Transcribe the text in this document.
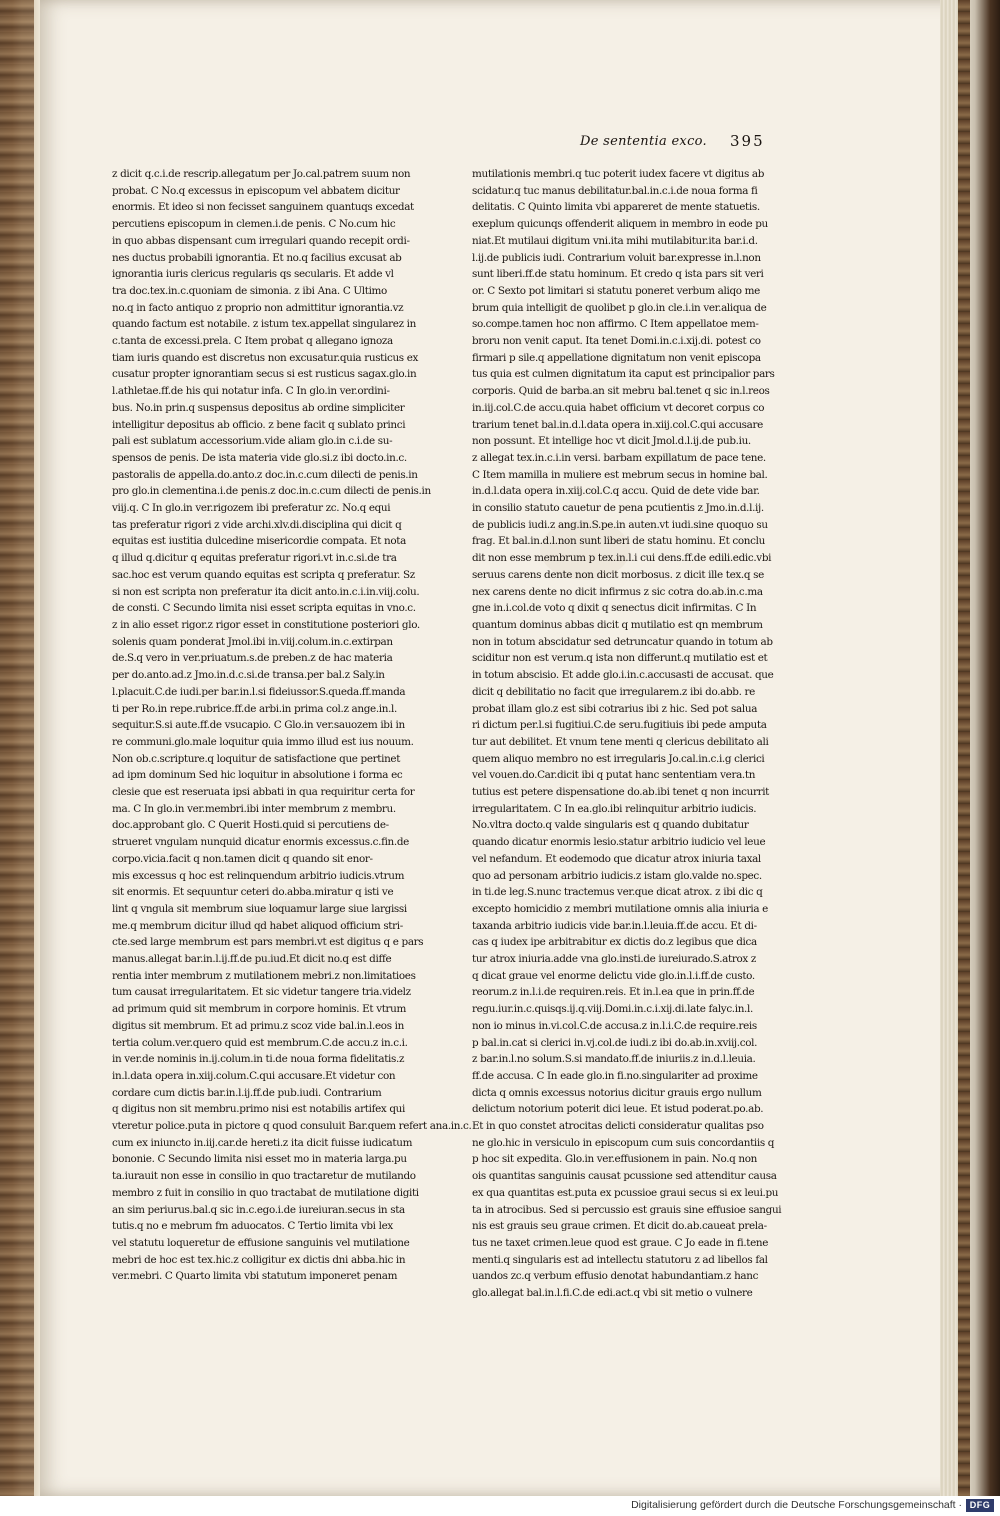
De sententia exco. 395
z dicit q.c.i.de rescrip.allegatum per Jo.cal.patrem suum non
probat. C No.q excessus in episcopum vel abbatem dicitur
enormis. Et ideo si non fecisset sanguinem quantuqs excedat
percutiens episcopum in clemen.i.de penis. C No.cum hic
in quo abbas dispensant cum irregulari quando recepit ordi-
nes ductus probabili ignorantia. Et no.q facilius excusat ab
ignorantia iuris clericus regularis qs secularis. Et adde vl
tra doc.tex.in.c.quoniam de simonia. z ibi Ana. C Ultimo
no.q in facto antiquo z proprio non admittitur ignorantia.vz
quando factum est notabile. z istum tex.appellat singularez in
c.tanta de excessi.prela. C Item probat q allegano ignoza
tiam iuris quando est discretus non excusatur.quia rusticus ex
cusatur propter ignorantiam secus si est rusticus sagax.glo.in
l.athletae.ff.de his qui notatur infa. C In glo.in ver.ordini-
bus. No.in prin.q suspensus depositus ab ordine simpliciter
intelligitur depositus ab officio. z bene facit q sublato princi
pali est sublatum accessorium.vide aliam glo.in c.i.de su-
spensos de penis. De ista materia vide glo.si.z ibi docto.in.c.
pastoralis de appella.do.anto.z doc.in.c.cum dilecti de penis.in
pro glo.in clementina.i.de penis.z doc.in.c.cum dilecti de penis.in
viij.q. C In glo.in ver.rigozem ibi preferatur zc. No.q equi
tas preferatur rigori z vide archi.xlv.di.disciplina qui dicit q
equitas est iustitia dulcedine misericordie compata. Et nota
q illud q.dicitur q equitas preferatur rigori.vt in.c.si.de tra
sac.hoc est verum quando equitas est scripta q preferatur. Sz
si non est scripta non preferatur ita dicit anto.in.c.i.in.viij.colu.
de consti. C Secundo limita nisi esset scripta equitas in vno.c.
z in alio esset rigor.z rigor esset in constitutione posteriori glo.
solenis quam ponderat Jmol.ibi in.viij.colum.in.c.extirpan
de.S.q vero in ver.priuatum.s.de preben.z de hac materia
per do.anto.ad.z Jmo.in.d.c.si.de transa.per bal.z Saly.in
l.placuit.C.de iudi.per bar.in.l.si fideiussor.S.queda.ff.manda
ti per Ro.in repe.rubrice.ff.de arbi.in prima col.z ange.in.l.
sequitur.S.si aute.ff.de vsucapio. C Glo.in ver.sauozem ibi in
re communi.glo.male loquitur quia immo illud est ius nouum.
Non ob.c.scripture.q loquitur de satisfactione que pertinet
ad ipm dominum Sed hic loquitur in absolutione i forma ec
clesie que est reseruata ipsi abbati in qua requiritur certa for
ma. C In glo.in ver.membri.ibi inter membrum z membru.
doc.approbant glo. C Querit Hosti.quid si percutiens de-
strueret vngulam nunquid dicatur enormis excessus.c.fin.de
corpo.vicia.facit q non.tamen dicit q quando sit enor-
mis excessus q hoc est relinquendum arbitrio iudicis.vtrum
sit enormis. Et sequuntur ceteri do.abba.miratur q isti ve
lint q vngula sit membrum siue loquamur large siue largissi
me.q membrum dicitur illud qd habet aliquod officium stri-
cte.sed large membrum est pars membri.vt est digitus q e pars
manus.allegat bar.in.l.ij.ff.de pu.iud.Et dicit no.q est diffe
rentia inter membrum z mutilationem mebri.z non.limitatioes
tum causat irregularitatem. Et sic videtur tangere tria.videlz
ad primum quid sit membrum in corpore hominis. Et vtrum
digitus sit membrum. Et ad primu.z scoz vide bal.in.l.eos in
tertia colum.ver.quero quid est membrum.C.de accu.z in.c.i.
in ver.de nominis in.ij.colum.in ti.de noua forma fidelitatis.z
in.l.data opera in.xiij.colum.C.qui accusare.Et videtur con
cordare cum dictis bar.in.l.ij.ff.de pub.iudi. Contrarium
q digitus non sit membru.primo nisi est notabilis artifex qui
vteretur police.puta in pictore q quod consuluit Bar.quem refert ana.in.c.
cum ex iniuncto in.iij.car.de hereti.z ita dicit fuisse iudicatum
bononie. C Secundo limita nisi esset mo in materia larga.pu
ta.iurauit non esse in consilio in quo tractaretur de mutilando
membro z fuit in consilio in quo tractabat de mutilatione digiti
an sim periurus.bal.q sic in.c.ego.i.de iureiuran.secus in sta
tutis.q no e mebrum fm aduocatos. C Tertio limita vbi lex
vel statutu loqueretur de effusione sanguinis vel mutilatione
mebri de hoc est tex.hic.z colligitur ex dictis dni abba.hic in
ver.mebri. C Quarto limita vbi statutum imponeret penam
mutilationis membri.q tuc poterit iudex facere vt digitus ab
scidatur.q tuc manus debilitatur.bal.in.c.i.de noua forma fi
delitatis. C Quinto limita vbi appareret de mente statuetis.
exeplum quicunqs offenderit aliquem in membro in eode pu
niat.Et mutilaui digitum vni.ita mihi mutilabitur.ita bar.i.d.
l.ij.de publicis iudi. Contrarium voluit bar.expresse in.l.non
sunt liberi.ff.de statu hominum. Et credo q ista pars sit veri
or. C Sexto pot limitari si statutu poneret verbum aliqo me
brum quia intelligit de quolibet p glo.in cle.i.in ver.aliqua de
so.compe.tamen hoc non affirmo. C Item appellatoe mem-
broru non venit caput. Ita tenet Domi.in.c.i.xij.di. potest co
firmari p sile.q appellatione dignitatum non venit episcopa
tus quia est culmen dignitatum ita caput est principalior pars
corporis. Quid de barba.an sit mebru bal.tenet q sic in.l.reos
in.iij.col.C.de accu.quia habet officium vt decoret corpus co
trarium tenet bal.in.d.l.data opera in.xiij.col.C.qui accusare
non possunt. Et intellige hoc vt dicit Jmol.d.l.ij.de pub.iu.
z allegat tex.in.c.i.in versi. barbam expillatum de pace tene.
C Item mamilla in muliere est mebrum secus in homine bal.
in.d.l.data opera in.xiij.col.C.q accu. Quid de dete vide bar.
in consilio statuto cauetur de pena pcutientis z Jmo.in.d.l.ij.
de publicis iudi.z ang.in.S.pe.in auten.vt iudi.sine quoquo su
frag. Et bal.in.d.l.non sunt liberi de statu hominu. Et conclu
dit non esse membrum p tex.in.l.i cui dens.ff.de edili.edic.vbi
seruus carens dente non dicit morbosus. z dicit ille tex.q se
nex carens dente no dicit infirmus z sic cotra do.ab.in.c.ma
gne in.i.col.de voto q dixit q senectus dicit infirmitas. C In
quantum dominus abbas dicit q mutilatio est qn membrum
non in totum abscidatur sed detruncatur quando in totum ab
sciditur non est verum.q ista non differunt.q mutilatio est et
in totum abscisio. Et adde glo.i.in.c.accusasti de accusat. que
dicit q debilitatio no facit que irregularem.z ibi do.abb. re
probat illam glo.z est sibi cotrarius ibi z hic. Sed pot salua
ri dictum per.l.si fugitiui.C.de seru.fugitiuis ibi pede amputa
tur aut debilitet. Et vnum tene menti q clericus debilitato ali
quem aliquo membro no est irregularis Jo.cal.in.c.i.g clerici
vel vouen.do.Car.dicit ibi q putat hanc sententiam vera.tn
tutius est petere dispensatione do.ab.ibi tenet q non incurrit
irregularitatem. C In ea.glo.ibi relinquitur arbitrio iudicis.
No.vltra docto.q valde singularis est q quando dubitatur
quando dicatur enormis lesio.statur arbitrio iudicio vel leue
vel nefandum. Et eodemodo que dicatur atrox iniuria taxal
quo ad personam arbitrio iudicis.z istam glo.valde no.spec.
in ti.de leg.S.nunc tractemus ver.que dicat atrox. z ibi dic q
excepto homicidio z membri mutilatione omnis alia iniuria e
taxanda arbitrio iudicis vide bar.in.l.leuia.ff.de accu. Et di-
cas q iudex ipe arbitrabitur ex dictis do.z legibus que dica
tur atrox iniuria.adde vna glo.insti.de iureiurado.S.atrox z
q dicat graue vel enorme delictu vide glo.in.l.i.ff.de custo.
reorum.z in.l.i.de requiren.reis. Et in.l.ea que in prin.ff.de
regu.iur.in.c.quisqs.ij.q.viij.Domi.in.c.i.xij.di.late falyc.in.l.
non io minus in.vi.col.C.de accusa.z in.l.i.C.de require.reis
p bal.in.cat si clerici in.vj.col.de iudi.z ibi do.ab.in.xviij.col.
z bar.in.l.no solum.S.si mandato.ff.de iniuriis.z in.d.l.leuia.
ff.de accusa. C In eade glo.in fi.no.singulariter ad proxime
dicta q omnis excessus notorius dicitur grauis ergo nullum
delictum notorium poterit dici leue. Et istud poderat.po.ab.
Et in quo constet atrocitas delicti consideratur qualitas pso
ne glo.hic in versiculo in episcopum cum suis concordantiis q
p hoc sit expedita. Glo.in ver.effusionem in pain. No.q non
ois quantitas sanguinis causat pcussione sed attenditur causa
ex qua quantitas est.puta ex pcussioe graui secus si ex leui.pu
ta in atrocibus. Sed si percussio est grauis sine effusioe sangui
nis est grauis seu graue crimen. Et dicit do.ab.caueat prela-
tus ne taxet crimen.leue quod est graue. C Jo eade in fi.tene
menti.q singularis est ad intellectu statutoru z ad libellos fal
uandos zc.q verbum effusio denotat habundantiam.z hanc
glo.allegat bal.in.l.fi.C.de edi.act.q vbi sit metio o vulnere
Digitalisierung gefördert durch die Deutsche Forschungsgemeinschaft · DFG
